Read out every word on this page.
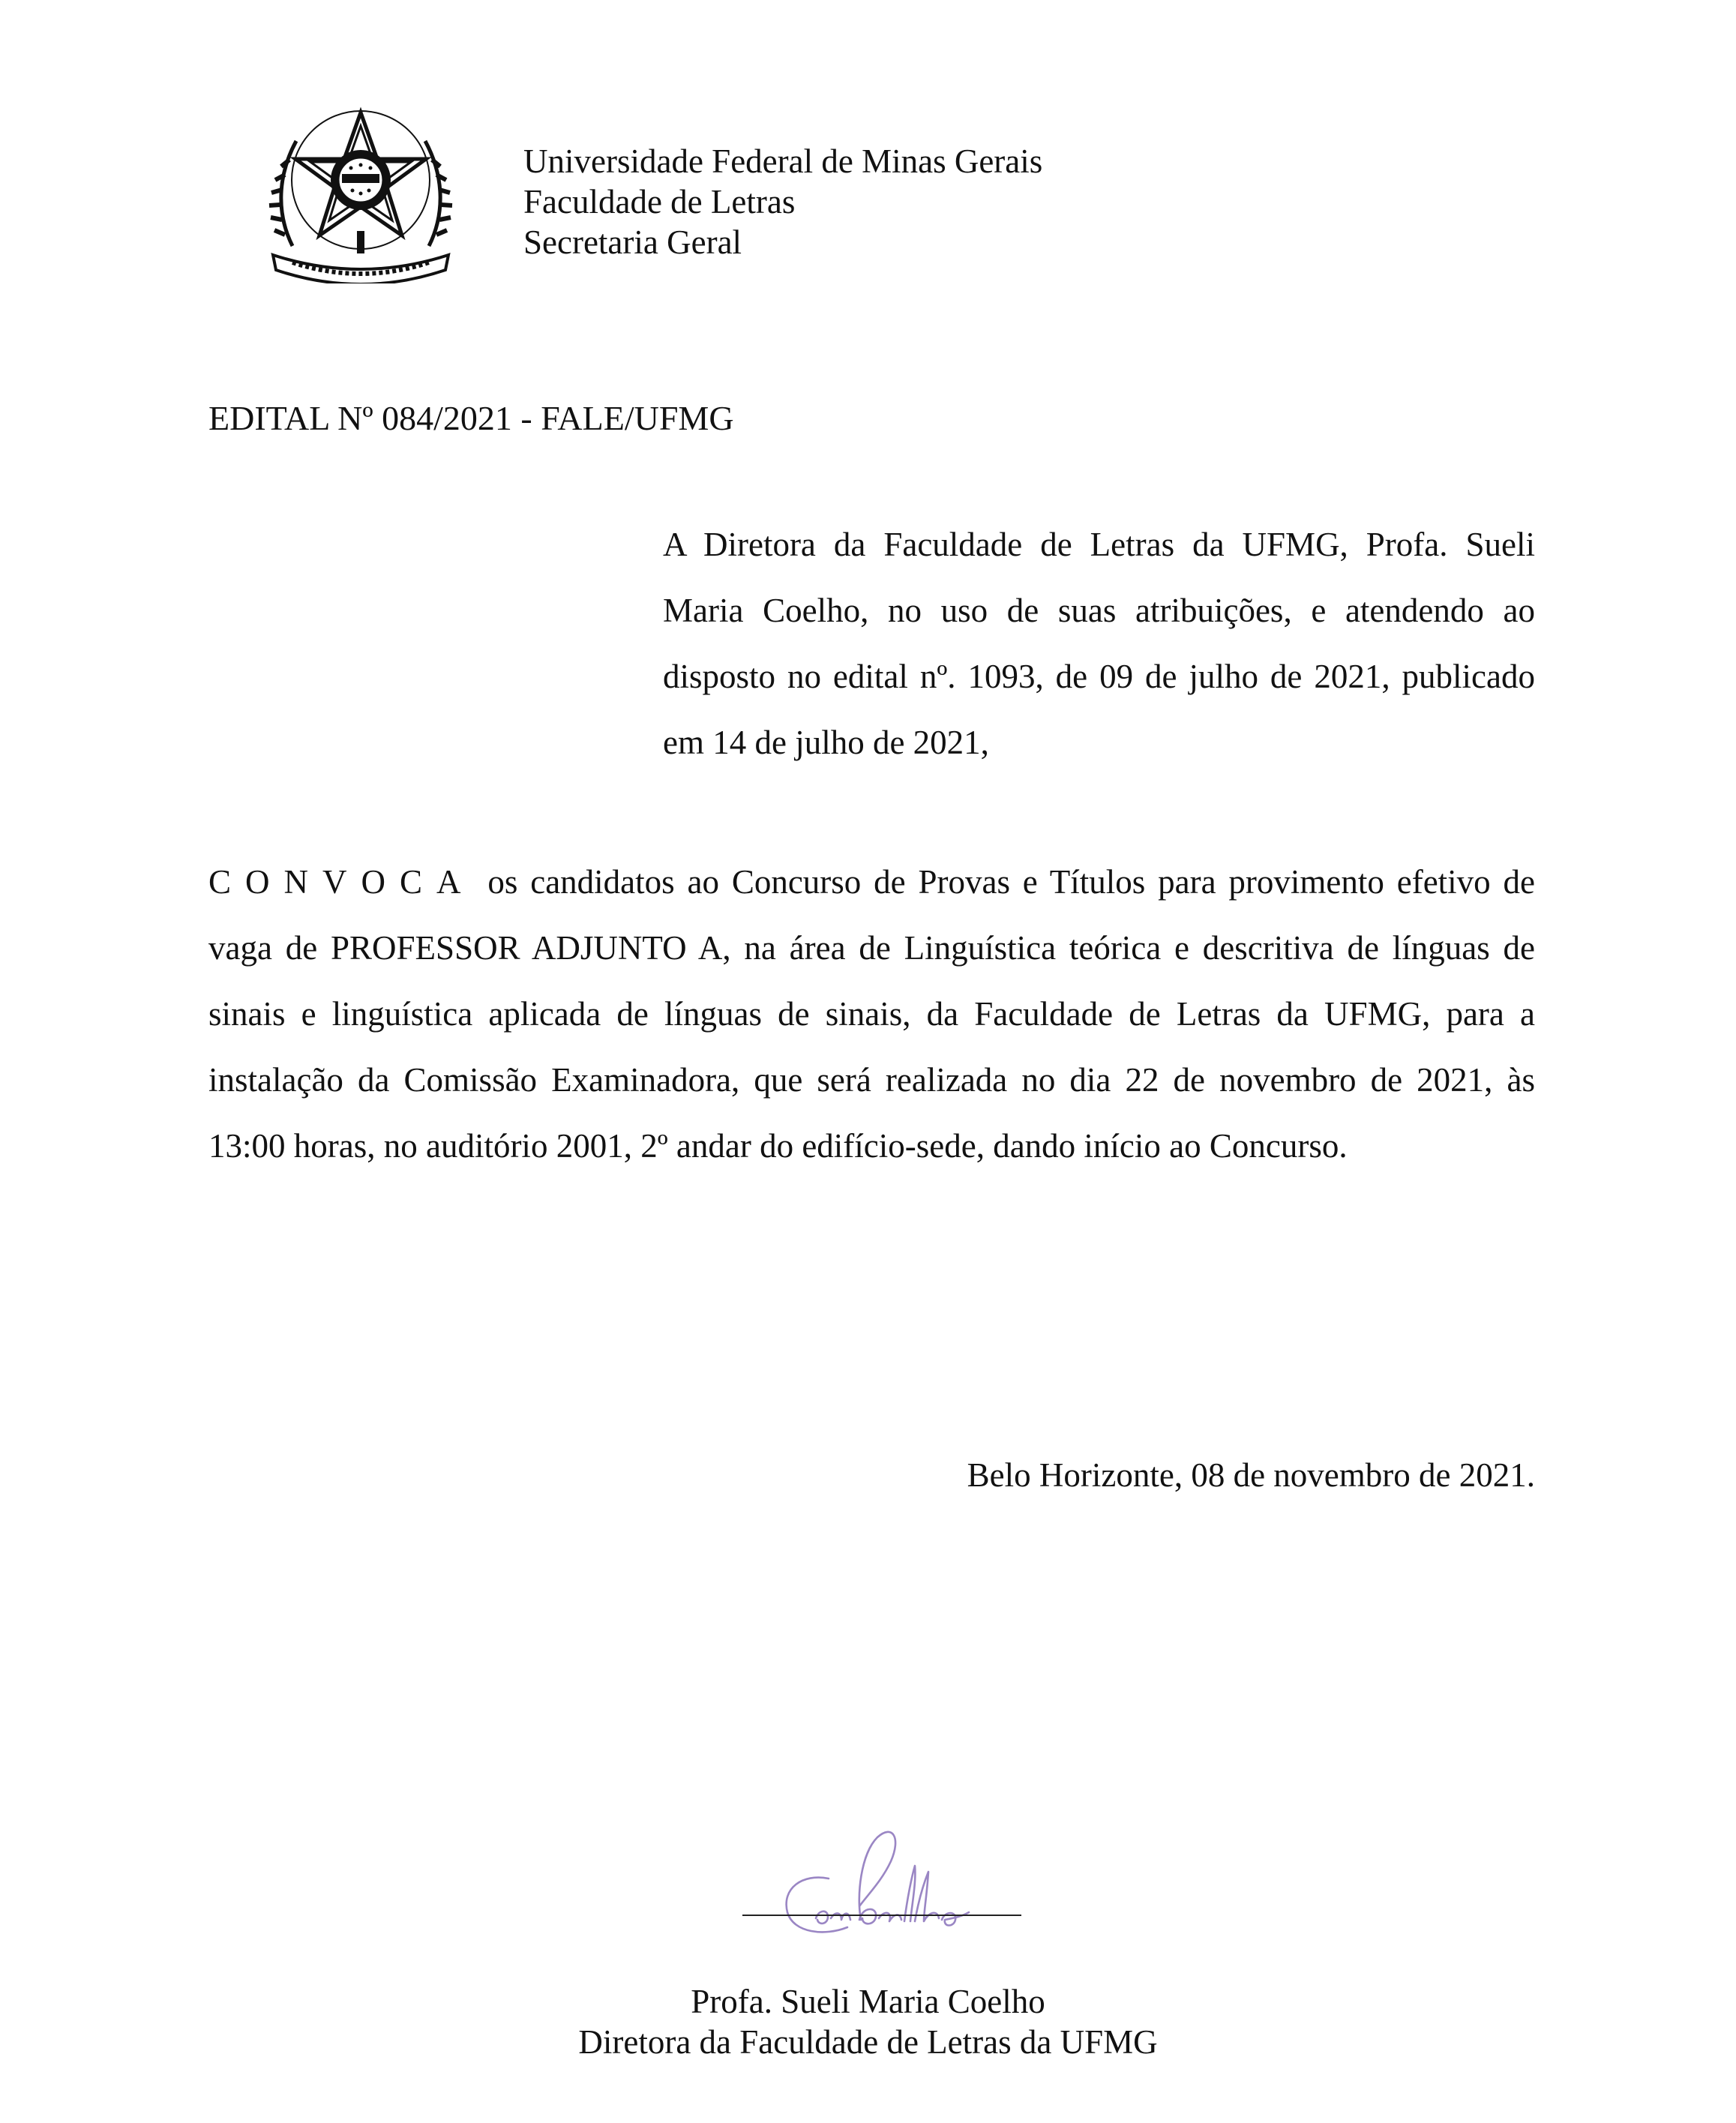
Universidade Federal de Minas Gerais
Faculdade de Letras
Secretaria Geral
EDITAL Nº 084/2021 - FALE/UFMG
A Diretora da Faculdade de Letras da UFMG, Profa. Sueli Maria Coelho, no uso de suas atribuições, e atendendo ao disposto no edital nº. 1093, de 09 de julho de 2021, publicado em 14 de julho de 2021,
CONVOCA os candidatos ao Concurso de Provas e Títulos para provimento efetivo de vaga de PROFESSOR ADJUNTO A, na área de Linguística teórica e descritiva de línguas de sinais e linguística aplicada de línguas de sinais, da Faculdade de Letras da UFMG, para a instalação da Comissão Examinadora, que será realizada no dia 22 de novembro de 2021, às 13:00 horas, no auditório 2001, 2º andar do edifício-sede, dando início ao Concurso.
Belo Horizonte, 08 de novembro de 2021.
Profa. Sueli Maria Coelho
Diretora da Faculdade de Letras da UFMG
